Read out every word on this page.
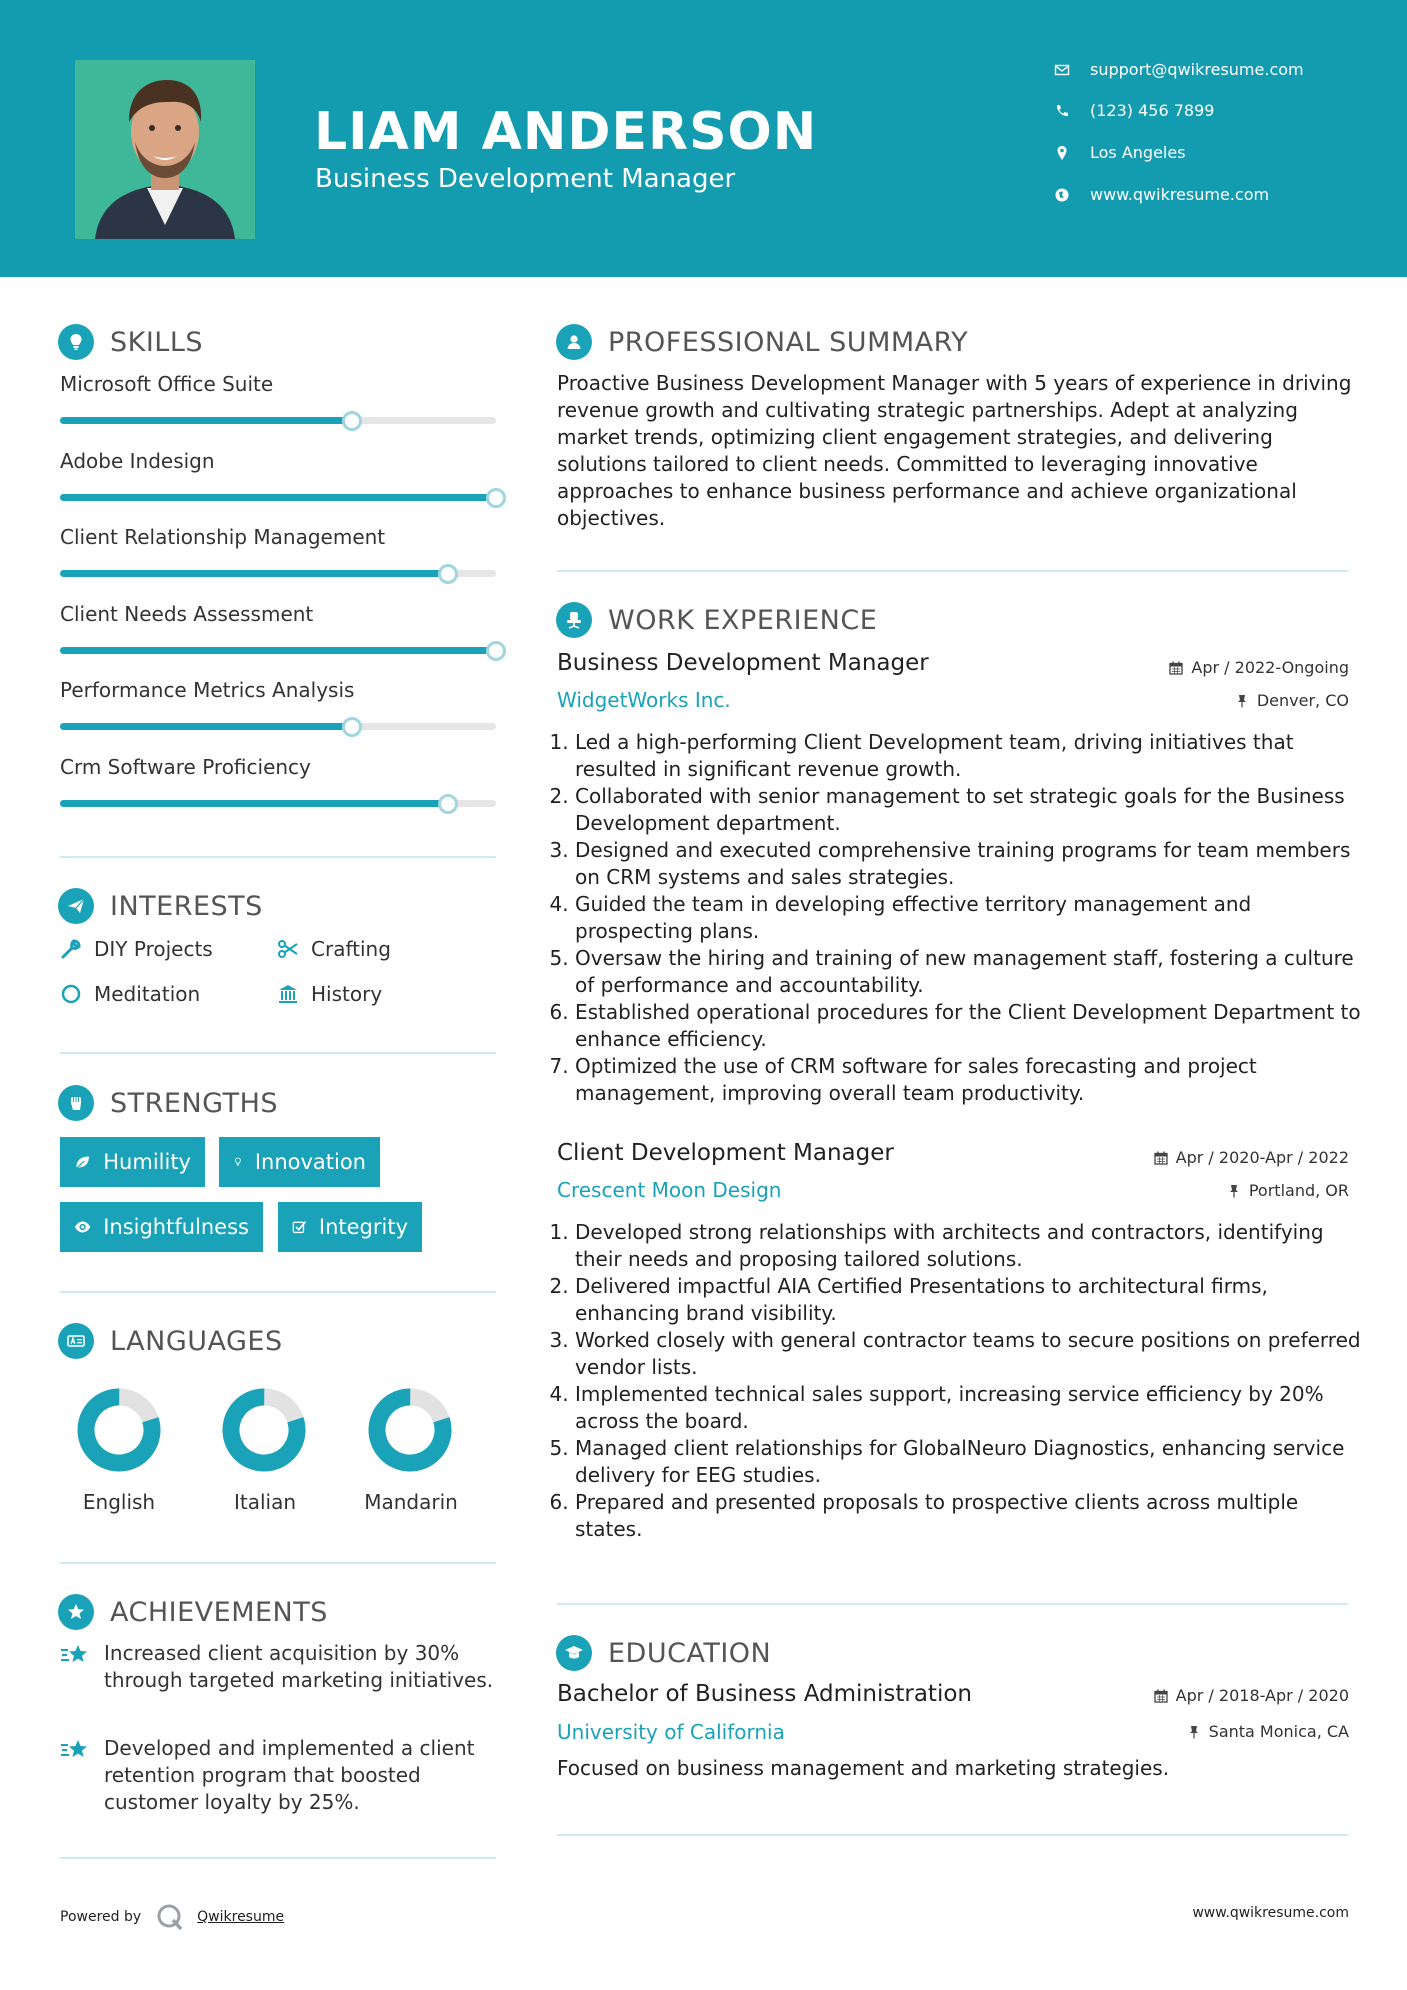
LIAM ANDERSON
Business Development Manager
support@qwikresume.com
(123) 456 7899
Los Angeles
www.qwikresume.com
SKILLS
Microsoft Office Suite
Adobe Indesign
Client Relationship Management
Client Needs Assessment
Performance Metrics Analysis
Crm Software Proficiency
INTERESTS
DIY Projects	Crafting
Meditation	History
STRENGTHS
Humility	Innovation
Insightfulness	Integrity
LANGUAGES
English	Italian	Mandarin
ACHIEVEMENTS
Increased client acquisition by 30% through targeted marketing initiatives.
Developed and implemented a client retention program that boosted customer loyalty by 25%.
PROFESSIONAL SUMMARY
Proactive Business Development Manager with 5 years of experience in driving revenue growth and cultivating strategic partnerships. Adept at analyzing market trends, optimizing client engagement strategies, and delivering solutions tailored to client needs. Committed to leveraging innovative approaches to enhance business performance and achieve organizational objectives.
WORK EXPERIENCE
Business Development Manager
WidgetWorks Inc.
Apr / 2022-Ongoing
Denver, CO
1. Led a high-performing Client Development team, driving initiatives that resulted in significant revenue growth.
2. Collaborated with senior management to set strategic goals for the Business Development department.
3. Designed and executed comprehensive training programs for team members on CRM systems and sales strategies.
4. Guided the team in developing effective territory management and prospecting plans.
5. Oversaw the hiring and training of new management staff, fostering a culture of performance and accountability.
6. Established operational procedures for the Client Development Department to enhance efficiency.
7. Optimized the use of CRM software for sales forecasting and project management, improving overall team productivity.
Client Development Manager
Crescent Moon Design
Apr / 2020-Apr / 2022
Portland, OR
1. Developed strong relationships with architects and contractors, identifying their needs and proposing tailored solutions.
2. Delivered impactful AIA Certified Presentations to architectural firms, enhancing brand visibility.
3. Worked closely with general contractor teams to secure positions on preferred vendor lists.
4. Implemented technical sales support, increasing service efficiency by 20% across the board.
5. Managed client relationships for GlobalNeuro Diagnostics, enhancing service delivery for EEG studies.
6. Prepared and presented proposals to prospective clients across multiple states.
EDUCATION
Bachelor of Business Administration
University of California
Apr / 2018-Apr / 2020
Santa Monica, CA
Focused on business management and marketing strategies.
Powered by	Qwikresume	www.qwikresume.com
